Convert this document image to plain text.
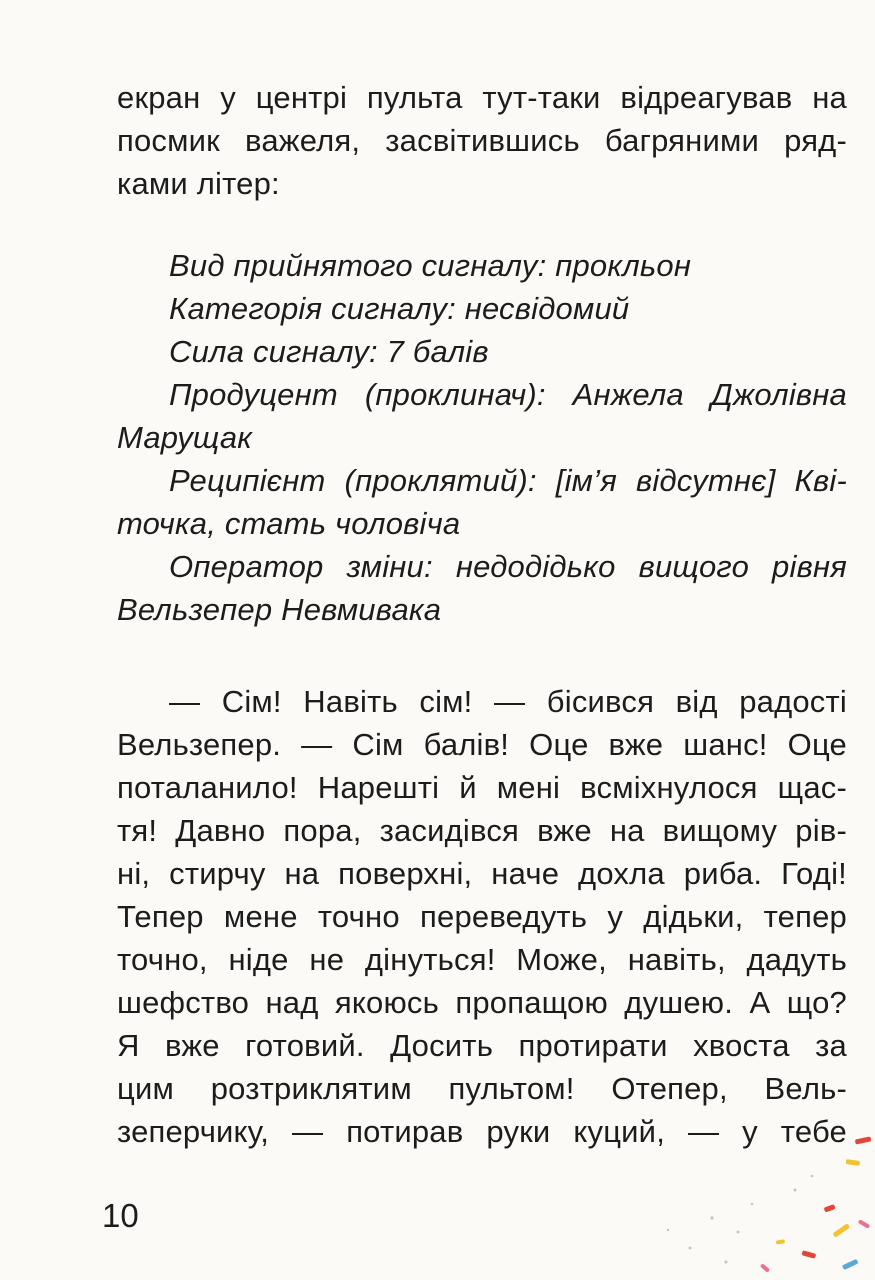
екран у центрі пульта тут-таки відреагував на
посмик важеля, засвітившись багряними ряд-
ками літер:
Вид прийнятого сигналу: прокльон
Категорія сигналу: несвідомий
Сила сигналу: 7 балів
Продуцент (проклинач): Анжела Джолівна
Марущак
Реципієнт (проклятий): [ім’я відсутнє] Кві-
точка, стать чоловіча
Оператор зміни: недодідько вищого рівня
Вельзепер Невмивака
— Сім! Навіть сім! — бісився від радості
Вельзепер. — Сім балів! Оце вже шанс! Оце
поталанило! Нарешті й мені всміхнулося щас-
тя! Давно пора, засидівся вже на вищому рів-
ні, стирчу на поверхні, наче дохла риба. Годі!
Тепер мене точно переведуть у дідьки, тепер
точно, ніде не дінуться! Може, навіть, дадуть
шефство над якоюсь пропащою душею. А що?
Я вже готовий. Досить протирати хвоста за
цим розтриклятим пультом! Отепер, Вель-
зеперчику, — потирав руки куций, — у тебе
10
